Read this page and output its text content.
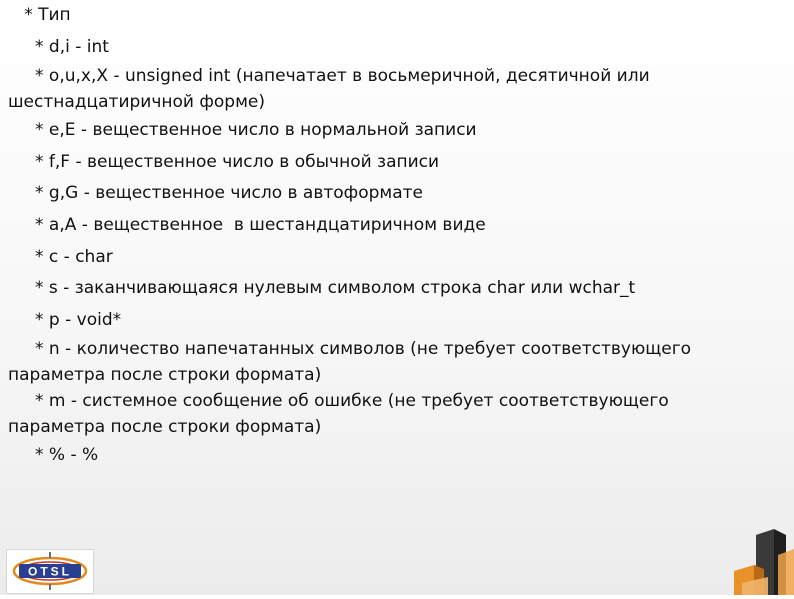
* Тип
* d,i - int
* o,u,x,X - unsigned int (напечатает в восьмеричной, десятичной или
шестнадцатиричной форме)
* e,E - вещественное число в нормальной записи
* f,F - вещественное число в обычной записи
* g,G - вещественное число в автоформате
* a,A - вещественное  в шестандцатиричном виде
* c - char
* s - заканчивающаяся нулевым символом строка char или wchar_t
* p - void*
* n - количество напечатанных символов (не требует соответствующего
параметра после строки формата)
* m - системное сообщение об ошибке (не требует соответствующего
параметра после строки формата)
* % - %
OTSL
